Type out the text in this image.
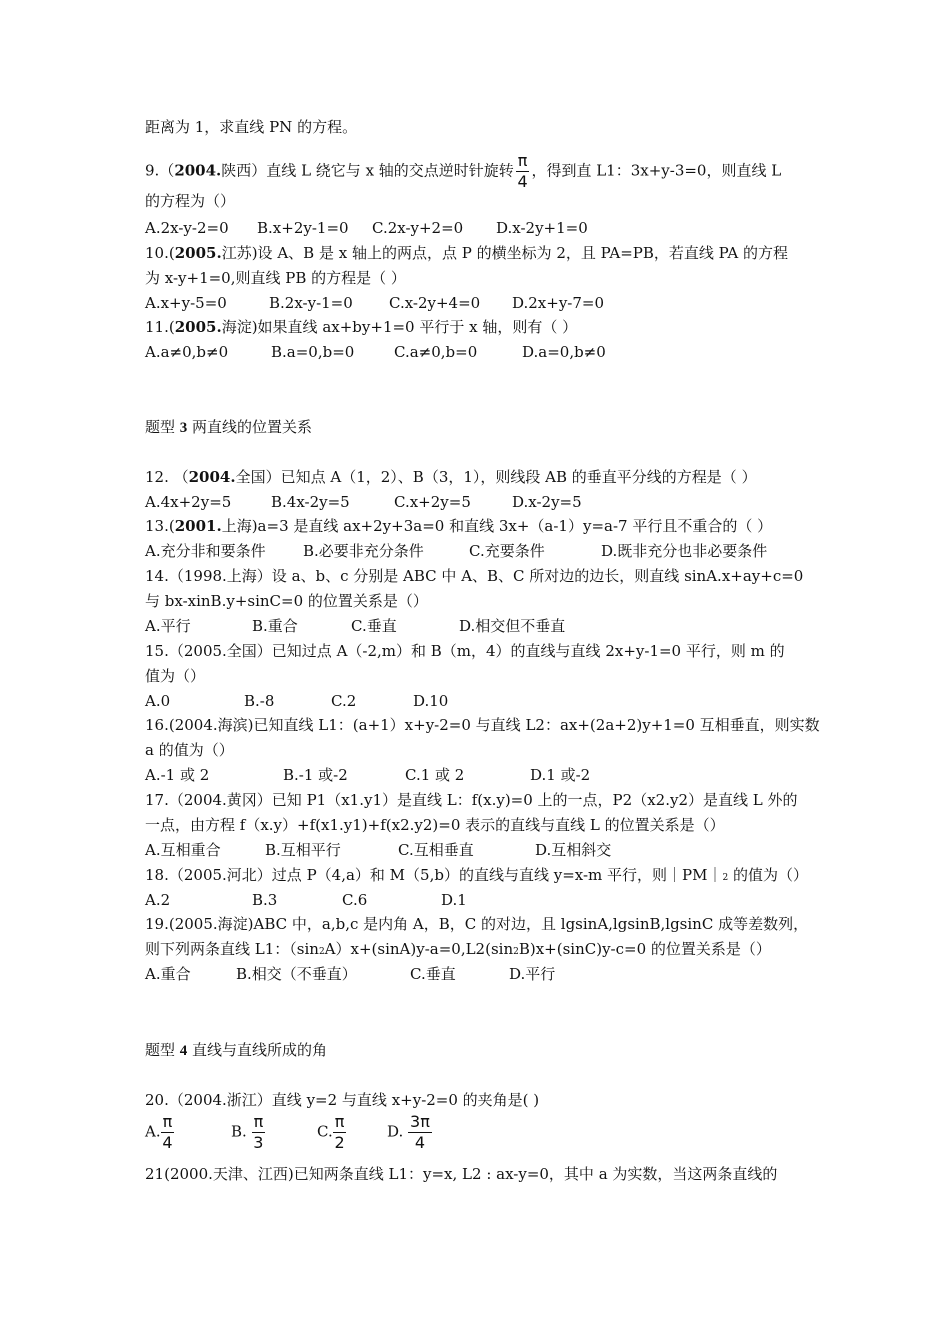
距离为 1，求直线 PN 的方程。
9.（2004.陕西）直线 L 绕它与 x 轴的交点逆时针旋转 $\frac{\pi}{4}$ ，得到直 L1：3x+y-3=0，则直线 L
的方程为（）
A.2x-y-2=0 B.x+2y-1=0 C.2x-y+2=0 D.x-2y+1=0
10.(2005.江苏)设 A、B 是 x 轴上的两点，点 P 的横坐标为 2，且 PA=PB，若直线 PA 的方程
为 x-y+1=0,则直线 PB 的方程是（ ）
A.x+y-5=0	B.2x-y-1=0 C.x-2y+4=0 D.2x+y-7=0
11.(2005.海淀)如果直线 ax+by+1=0 平行于 x 轴，则有（ ）
A.a≠0,b≠0	B.a=0,b=0	C.a≠0,b=0	D.a=0,b≠0
题型 3 两直线的位置关系
12. （2004.全国）已知点 A（1，2）、B（3，1），则线段 AB 的垂直平分线的方程是（ ）
A.4x+2y=5	B.4x-2y=5	C.x+2y=5	D.x-2y=5
13.(2001.上海)a=3 是直线 ax+2y+3a=0 和直线 3x+（a-1）y=a-7 平行且不重合的（ ）
A.充分非和要条件 B.必要非充分条件	C.充要条件	D.既非充分也非必要条件
14.（1998.上海）设 a、b、c 分别是 ABC 中 A、B、C 所对边的边长，则直线 sinA.x+ay+c=0
与 bx-xinB.y+sinC=0 的位置关系是（）
A.平行	B.重合	C.垂直	D.相交但不垂直
15.（2005.全国）已知过点 A（-2,m）和 B（m，4）的直线与直线 2x+y-1=0 平行，则 m 的
值为（）
A.0	B.-8	C.2	D.10
16.(2004.海滨)已知直线 L1：(a+1）x+y-2=0 与直线 L2：ax+(2a+2)y+1=0 互相垂直，则实数
a 的值为（）
A.-1 或 2	B.-1 或-2	C.1 或 2	D.1 或-2
17.（2004.黄冈）已知 P1（x1.y1）是直线 L：f(x.y)=0 上的一点，P2（x2.y2）是直线 L 外的
一点，由方程 f（x.y）+f(x1.y1)+f(x2.y2)=0 表示的直线与直线 L 的位置关系是（）
A.互相重合	B.互相平行	C.互相垂直	D.互相斜交
18.（2005.河北）过点 P（4,a）和 M（5,b）的直线与直线 y=x-m 平行，则｜PM｜2 的值为（）
A.2	B.3	C.6	D.1
19.(2005.海淀)ABC 中，a,b,c 是内角 A，B，C 的对边，且 lgsinA,lgsinB,lgsinC 成等差数列，
则下列两条直线 L1：（sin2A）x+(sinA)y-a=0,L2(sin2B)x+(sinC)y-c=0 的位置关系是（）
A.重合	B.相交（不垂直）	C.垂直	D.平行
题型 4 直线与直线所成的角
20.（2004.浙江）直线 y=2 与直线 x+y-2=0 的夹角是( )
A. $\frac{\pi}{4}$	B. $\frac{\pi}{3}$	C. $\frac{\pi}{2}$	D. $\frac{3\pi}{4}$
21(2000.天津、江西)已知两条直线 L1：y=x, L2 : ax-y=0，其中 a 为实数，当这两条直线的
